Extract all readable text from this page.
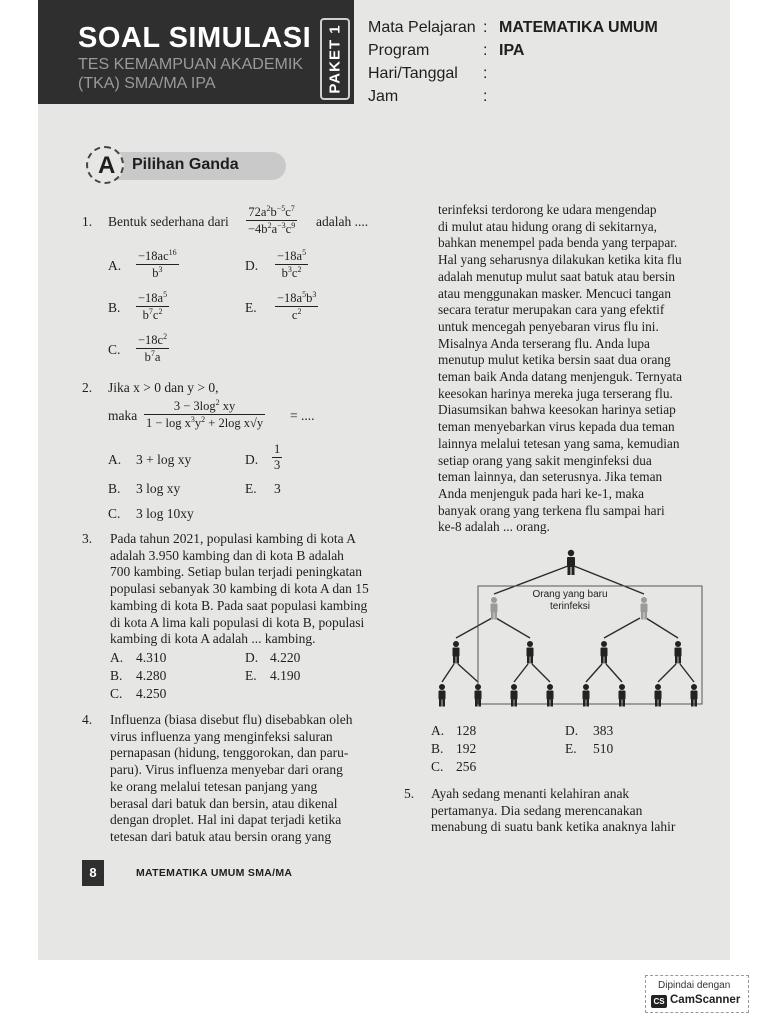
SOAL SIMULASI
TES KEMAMPUAN AKADEMIK
(TKA) SMA/MA IPA	PAKET 1 Mata Pelajaran : MATEMATIKA UMUM
Program	: IPA
Hari/Tanggal	:
Jam	:
A Pilihan Ganda
1. Bentuk sederhana dari $\frac{72a^2b^{-5}c^7}{-4b^2a^{-3}c^9}$ adalah ....
A. $\frac{-18ac^{16}}{b^3}$	D. $\frac{-18a^5}{b^3c^2}$
B. $\frac{-18a^5}{b^7c^2}$	E. $\frac{-18a^5b^3}{c^2}$
C. $\frac{-18c^2}{b^7a}$
2. Jika x > 0 dan y > 0,
maka $\frac{3 - 3\log^2 xy}{1 - \log x^3y^2 + 2\log x√y}$ = ....
A. 3 + log xy	D. $\frac{1}{3}$
B. 3 log xy	E. 3
C. 3 log 10xy
3. Pada tahun 2021, populasi kambing di kota A
adalah 3.950 kambing dan di kota B adalah
700 kambing. Setiap bulan terjadi peningkatan
populasi sebanyak 30 kambing di kota A dan 15
kambing di kota B. Pada saat populasi kambing
di kota A lima kali populasi di kota B, populasi
kambing di kota A adalah ... kambing.
A. 4.310	D. 4.220
B. 4.280	E. 4.190
C. 4.250
4. Influenza (biasa disebut flu) disebabkan oleh
virus influenza yang menginfeksi saluran
pernapasan (hidung, tenggorokan, dan paru-
paru). Virus influenza menyebar dari orang
ke orang melalui tetesan panjang yang
berasal dari batuk dan bersin, atau dikenal
dengan droplet. Hal ini dapat terjadi ketika
tetesan dari batuk atau bersin orang yang
terinfeksi terdorong ke udara mengendap
di mulut atau hidung orang di sekitarnya,
bahkan menempel pada benda yang terpapar.
Hal yang seharusnya dilakukan ketika kita flu
adalah menutup mulut saat batuk atau bersin
atau menggunakan masker. Mencuci tangan
secara teratur merupakan cara yang efektif
untuk mencegah penyebaran virus flu ini.
Misalnya Anda terserang flu. Anda lupa
menutup mulut ketika bersin saat dua orang
teman baik Anda datang menjenguk. Ternyata
keesokan harinya mereka juga terserang flu.
Diasumsikan bahwa keesokan harinya setiap
teman menyebarkan virus kepada dua teman
lainnya melalui tetesan yang sama, kemudian
setiap orang yang sakit menginfeksi dua
teman lainnya, dan seterusnya. Jika teman
Anda menjenguk pada hari ke-1, maka
banyak orang yang terkena flu sampai hari
ke-8 adalah ... orang.
Orang yang baru
terinfeksi
A. 128	D. 383
B. 192	E. 510
C. 256
5. Ayah sedang menanti kelahiran anak
pertamanya. Dia sedang merencanakan
menabung di suatu bank ketika anaknya lahir
8	MATEMATIKA UMUM SMA/MA
Dipindai dengan
CS CamScanner
